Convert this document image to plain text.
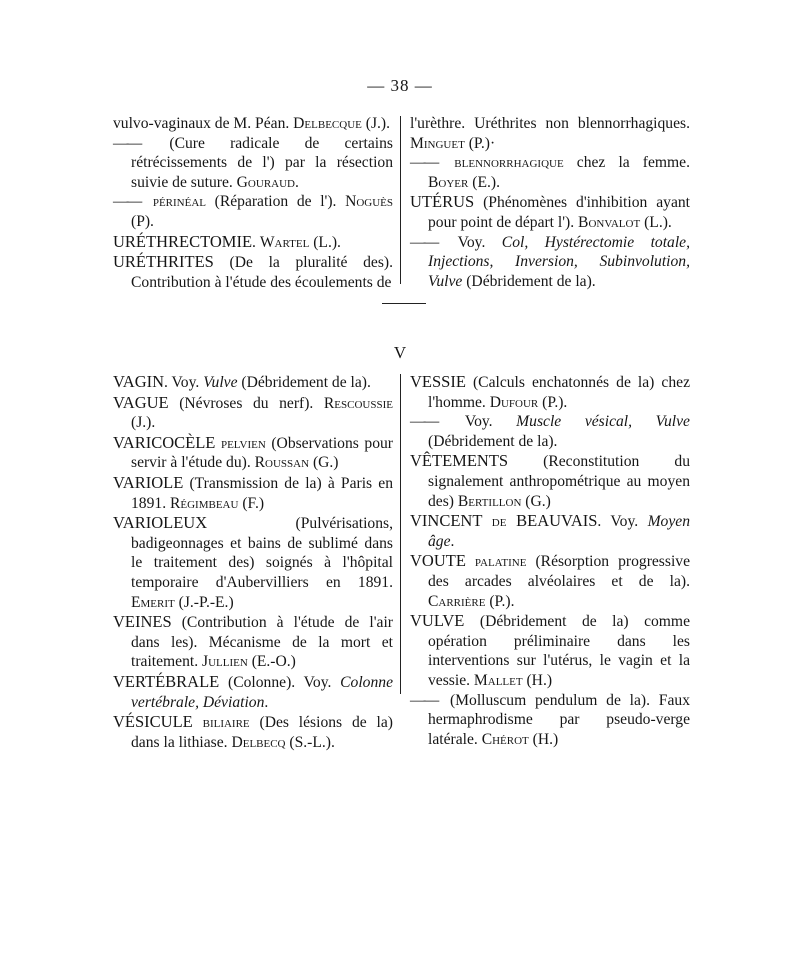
— 38 —

vulvo-vaginaux de M. Péan. Delbecque (J.).

—— (Cure radicale de certains rétrécissements de l') par la résection suivie de suture. Gouraud.

—— périnéal (Réparation de l'). Noguès (P).

URÉTHRECTOMIE. Wartel (L.).

URÉTHRITES (De la pluralité des). Contribution à l'étude des écoulements de

l'urèthre. Uréthrites non blennorrhagiques. Minguet (P.)·

—— blennorrhagique chez la femme. Boyer (E.).

UTÉRUS (Phénomènes d'inhibition ayant pour point de départ l'). Bonvalot (L.).

—— Voy. Col, Hystérectomie totale, Injections, Inversion, Subinvolution, Vulve (Débridement de la).

V

VAGIN. Voy. Vulve (Débridement de la).

VAGUE (Névroses du nerf). Rescoussie (J.).

VARICOCÈLE pelvien (Observations pour servir à l'étude du). Roussan (G.)

VARIOLE (Transmission de la) à Paris en 1891. Régimbeau (F.)

VARIOLEUX (Pulvérisations, badigeonnages et bains de sublimé dans le traitement des) soignés à l'hôpital temporaire d'Aubervilliers en 1891. Emerit (J.-P.-E.)

VEINES (Contribution à l'étude de l'air dans les). Mécanisme de la mort et traitement. Jullien (E.-O.)

VERTÉBRALE (Colonne). Voy. Colonne vertébrale, Déviation.

VÉSICULE biliaire (Des lésions de la) dans la lithiase. Delbecq (S.-L.).

VESSIE (Calculs enchatonnés de la) chez l'homme. Dufour (P.).

—— Voy. Muscle vésical, Vulve (Débridement de la).

VÊTEMENTS (Reconstitution du signalement anthropométrique au moyen des) Bertillon (G.)

VINCENT de BEAUVAIS. Voy. Moyen âge.

VOUTE palatine (Résorption progressive des arcades alvéolaires et de la). Carrière (P.).

VULVE (Débridement de la) comme opération préliminaire dans les interventions sur l'utérus, le vagin et la vessie. Mallet (H.)

—— (Molluscum pendulum de la). Faux hermaphrodisme par pseudo-verge latérale. Chérot (H.)
